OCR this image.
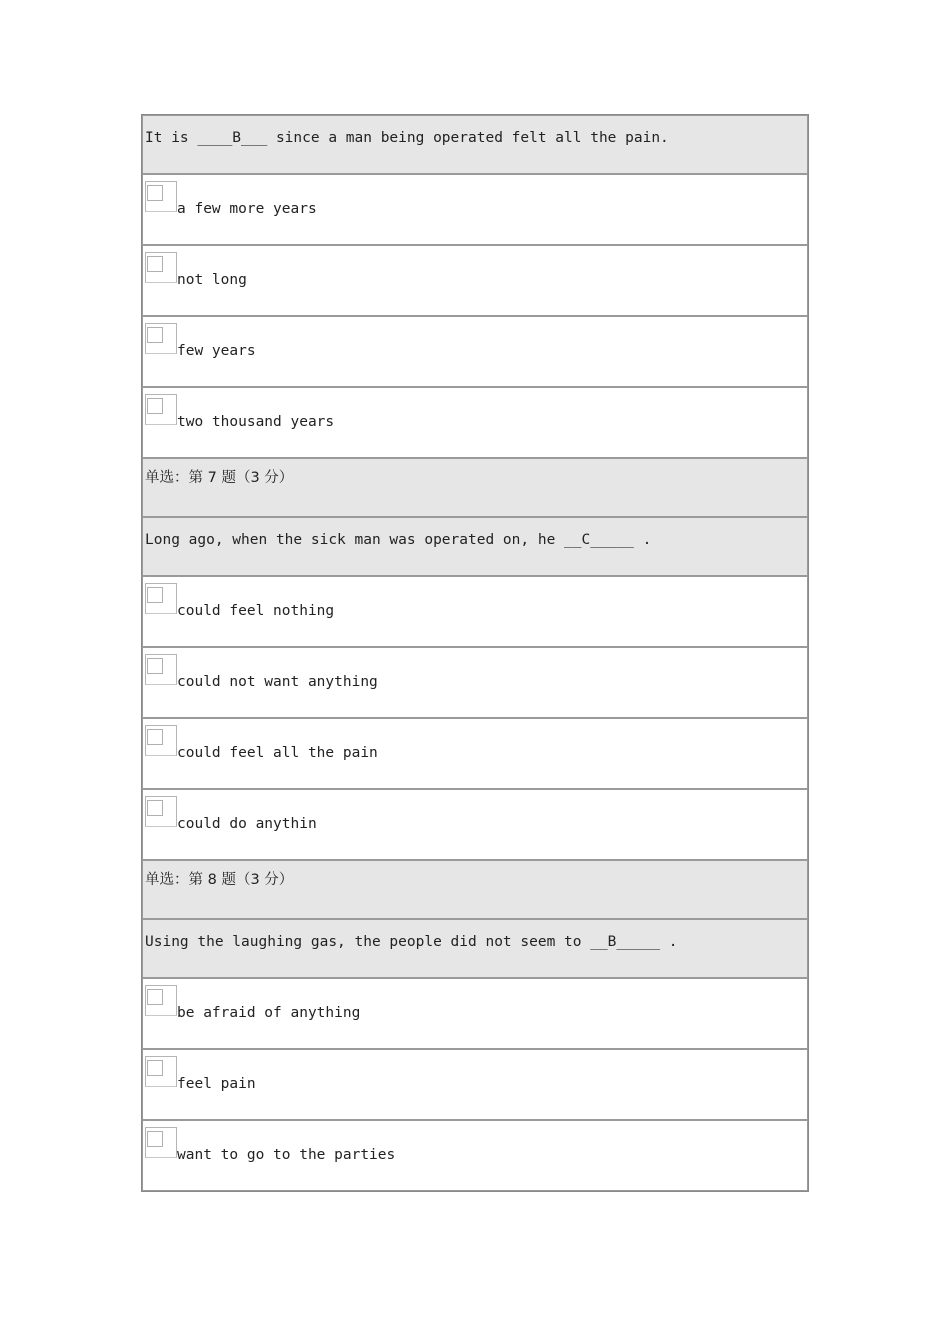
It is ____B___ since a man being operated felt all the pain.
a few more years
not long
few years
two thousand years
单选：第 7 题（3 分）
Long ago, when the sick man was operated on, he __C_____ .
could feel nothing
could not want anything
could feel all the pain
could do anythin
单选：第 8 题（3 分）
Using the laughing gas, the people did not seem to __B_____ .
be afraid of anything
feel pain
want to go to the parties
